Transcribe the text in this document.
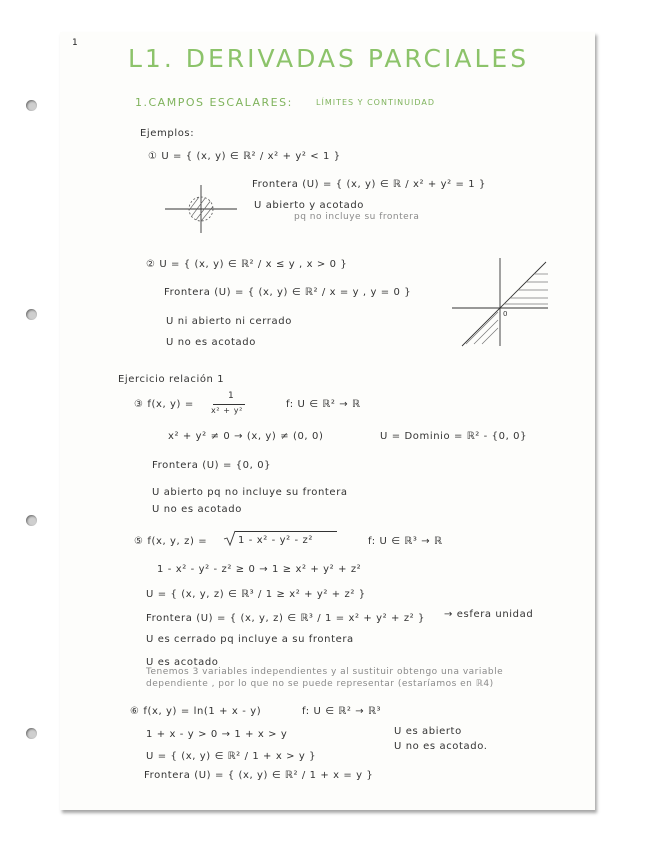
1
L1. DERIVADAS PARCIALES
1.CAMPOS ESCALARES:	LÍMITES Y CONTINUIDAD
Ejemplos:
① U = { (x, y) ∈ ℝ² / x² + y² < 1 }
Frontera (U) = { (x, y) ∈ ℝ / x² + y² = 1 }
U abierto y acotado
pq no incluye su frontera
② U = { (x, y) ∈ ℝ² / x ≤ y , x > 0 }
Frontera (U) = { (x, y) ∈ ℝ² / x = y , y = 0 }
U ni abierto ni cerrado
U no es acotado
0
Ejercicio relación 1
③ f(x, y) =
1
x² + y²
f: U ∈ ℝ² → ℝ
x² + y² ≠ 0 → (x, y) ≠ (0, 0)	U = Dominio = ℝ² - {0, 0}
Frontera (U) = {0, 0}
U abierto pq no incluye su frontera
U no es acotado
⑤ f(x, y, z) =	1 - x² - y² - z²	f: U ∈ ℝ³ → ℝ
1 - x² - y² - z² ≥ 0 → 1 ≥ x² + y² + z²
U = { (x, y, z) ∈ ℝ³ / 1 ≥ x² + y² + z² }
Frontera (U) = { (x, y, z) ∈ ℝ³ / 1 = x² + y² + z² } → esfera unidad
U es cerrado pq incluye a su frontera
U es acotado
Tenemos 3 variables independientes y al sustituir obtengo una variable
dependiente , por lo que no se puede representar (estaríamos en ℝ4)
⑥ f(x, y) = ln(1 + x - y)	f: U ∈ ℝ² → ℝ³
1 + x - y > 0 → 1 + x > y	U es abierto
U no es acotado.
U = { (x, y) ∈ ℝ² / 1 + x > y }
Frontera (U) = { (x, y) ∈ ℝ² / 1 + x = y }
